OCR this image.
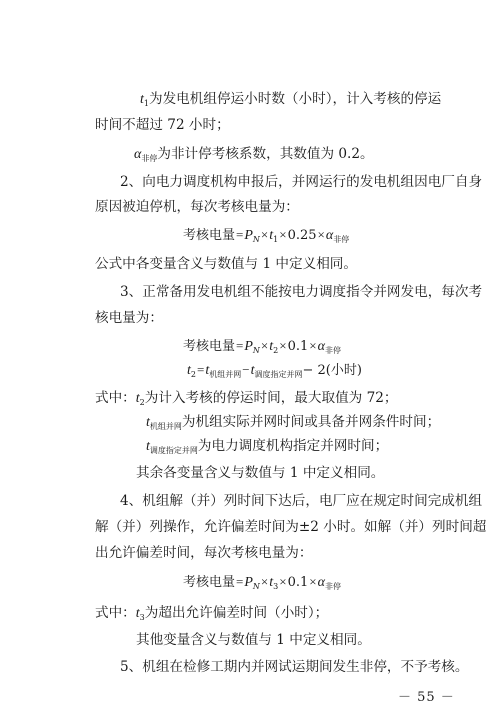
$t_1$为发电机组停运小时数（小时），计入考核的停运
时间不超过 72 小时；
$\alpha_{非停}$为非计停考核系数，其数值为 0.2。
2、向电力调度机构申报后，并网运行的发电机组因电厂自身
原因被迫停机，每次考核电量为：
考核电量$=P_N\times t_1\times 0.25\times\alpha_{非停}$
公式中各变量含义与数值与 1 中定义相同。
3、正常备用发电机组不能按电力调度指令并网发电，每次考
核电量为：
考核电量$=P_N\times t_2\times 0.1\times\alpha_{非停}$
$t_2=t_{机组并网}-t_{调度指定并网}- 2$(小时)
式中：$t_2$为计入考核的停运时间，最大取值为 72；
$t_{机组并网}$为机组实际并网时间或具备并网条件时间；
$t_{调度指定并网}$为电力调度机构指定并网时间；
其余各变量含义与数值与 1 中定义相同。
4、机组解（并）列时间下达后，电厂应在规定时间完成机组
解（并）列操作，允许偏差时间为±2 小时。如解（并）列时间超
出允许偏差时间，每次考核电量为：
考核电量$=P_N\times t_3\times 0.1\times\alpha_{非停}$
式中：$t_3$为超出允许偏差时间（小时）；
其他变量含义与数值与 1 中定义相同。
5、机组在检修工期内并网试运期间发生非停，不予考核。
－ 55 －
